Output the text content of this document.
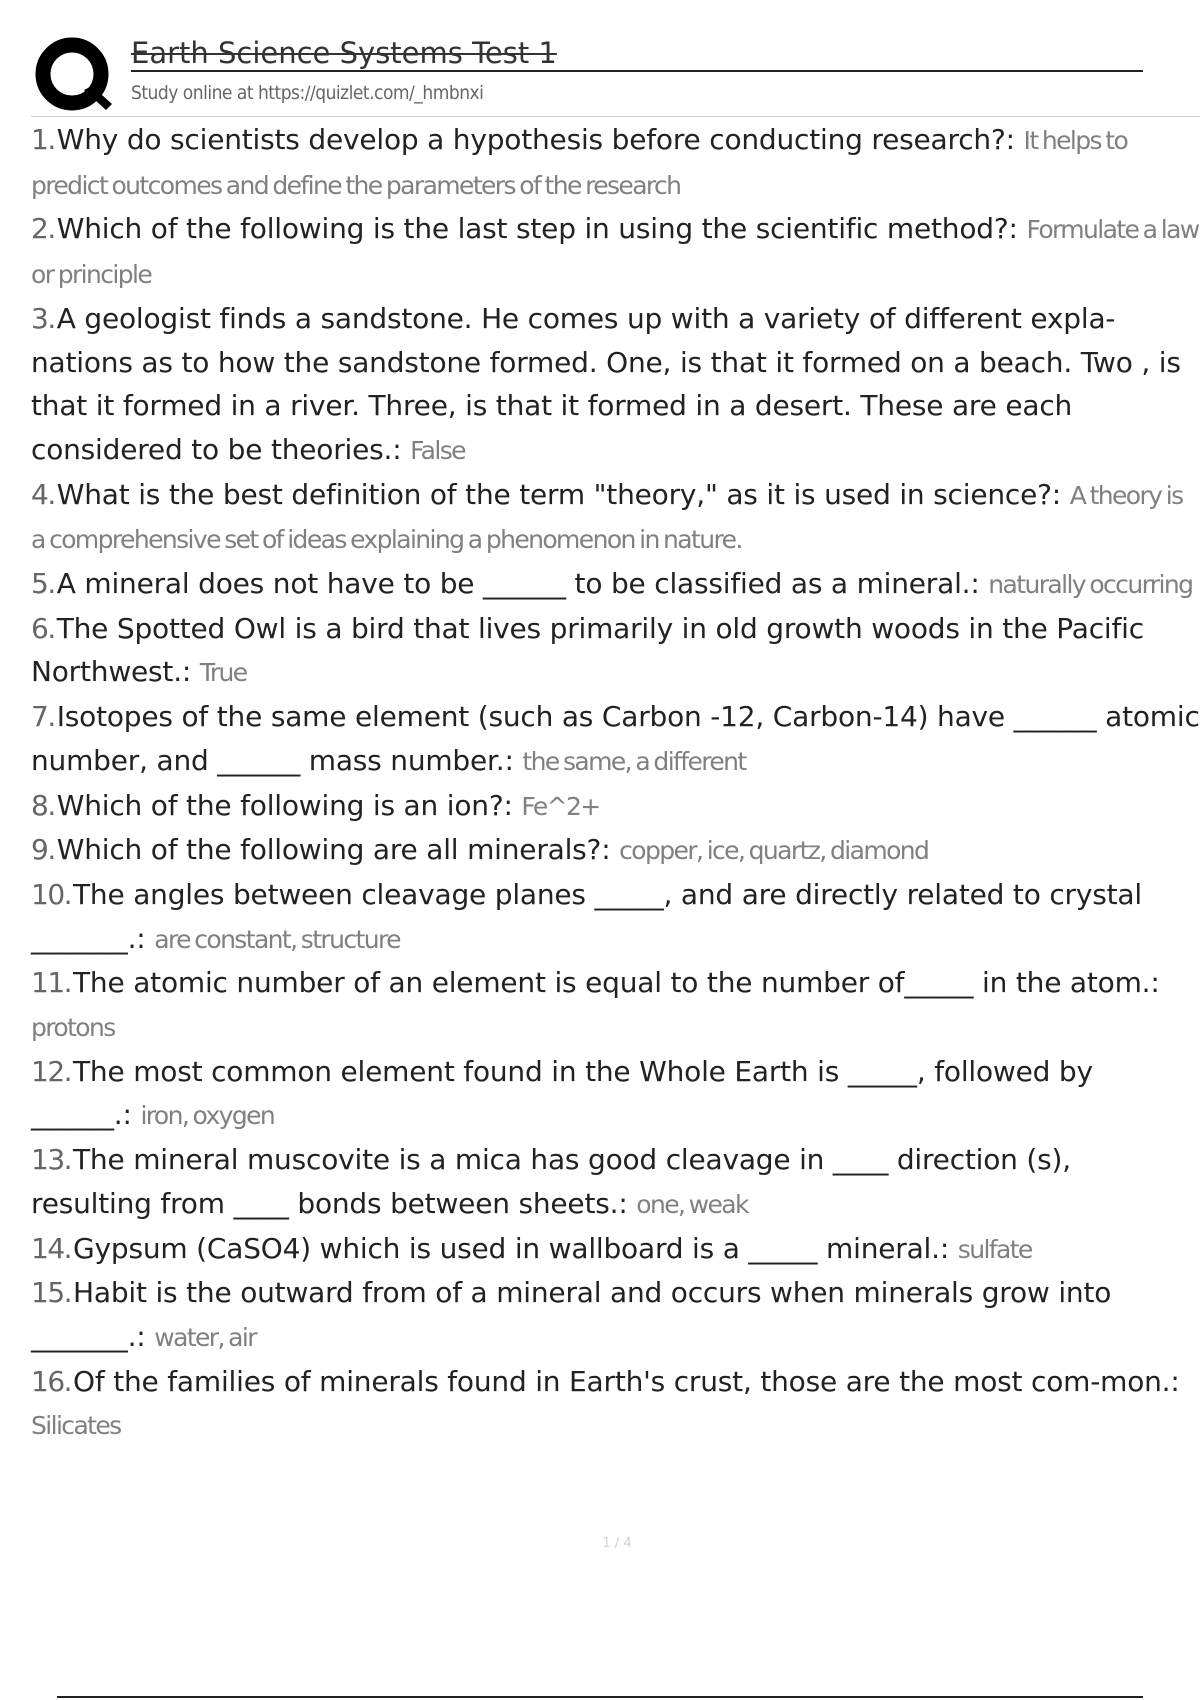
Earth Science Systems Test 1
Study online at https://quizlet.com/_hmbnxi
1.Why do scientists develop a hypothesis before conducting research?: It helps to predict outcomes and define the parameters of the research
2.Which of the following is the last step in using the scientific method?: Formulate a law or principle
3.A geologist finds a sandstone. He comes up with a variety of different expla-nations as to how the sandstone formed. One, is that it formed on a beach. Two , is that it formed in a river. Three, is that it formed in a desert. These are each considered to be theories.: False
4.What is the best definition of the term "theory," as it is used in science?: A theory is a comprehensive set of ideas explaining a phenomenon in nature.
5.A mineral does not have to be ______ to be classified as a mineral.: naturally occurring
6.The Spotted Owl is a bird that lives primarily in old growth woods in the Pacific Northwest.: True
7.Isotopes of the same element (such as Carbon -12, Carbon-14) have ______ atomic number, and ______ mass number.: the same, a different
8.Which of the following is an ion?: Fe^2+
9.Which of the following are all minerals?: copper, ice, quartz, diamond
10.The angles between cleavage planes _____, and are directly related to crystal _______.: are constant, structure
11.The atomic number of an element is equal to the number of_____ in the atom.: protons
12.The most common element found in the Whole Earth is _____, followed by ______.: iron, oxygen
13.The mineral muscovite is a mica has good cleavage in ____ direction (s), resulting from ____ bonds between sheets.: one, weak
14.Gypsum (CaSO4) which is used in wallboard is a _____ mineral.: sulfate
15.Habit is the outward from of a mineral and occurs when minerals grow into _______.: water, air
16.Of the families of minerals found in Earth's crust, those are the most com-mon.: Silicates
1 / 4
